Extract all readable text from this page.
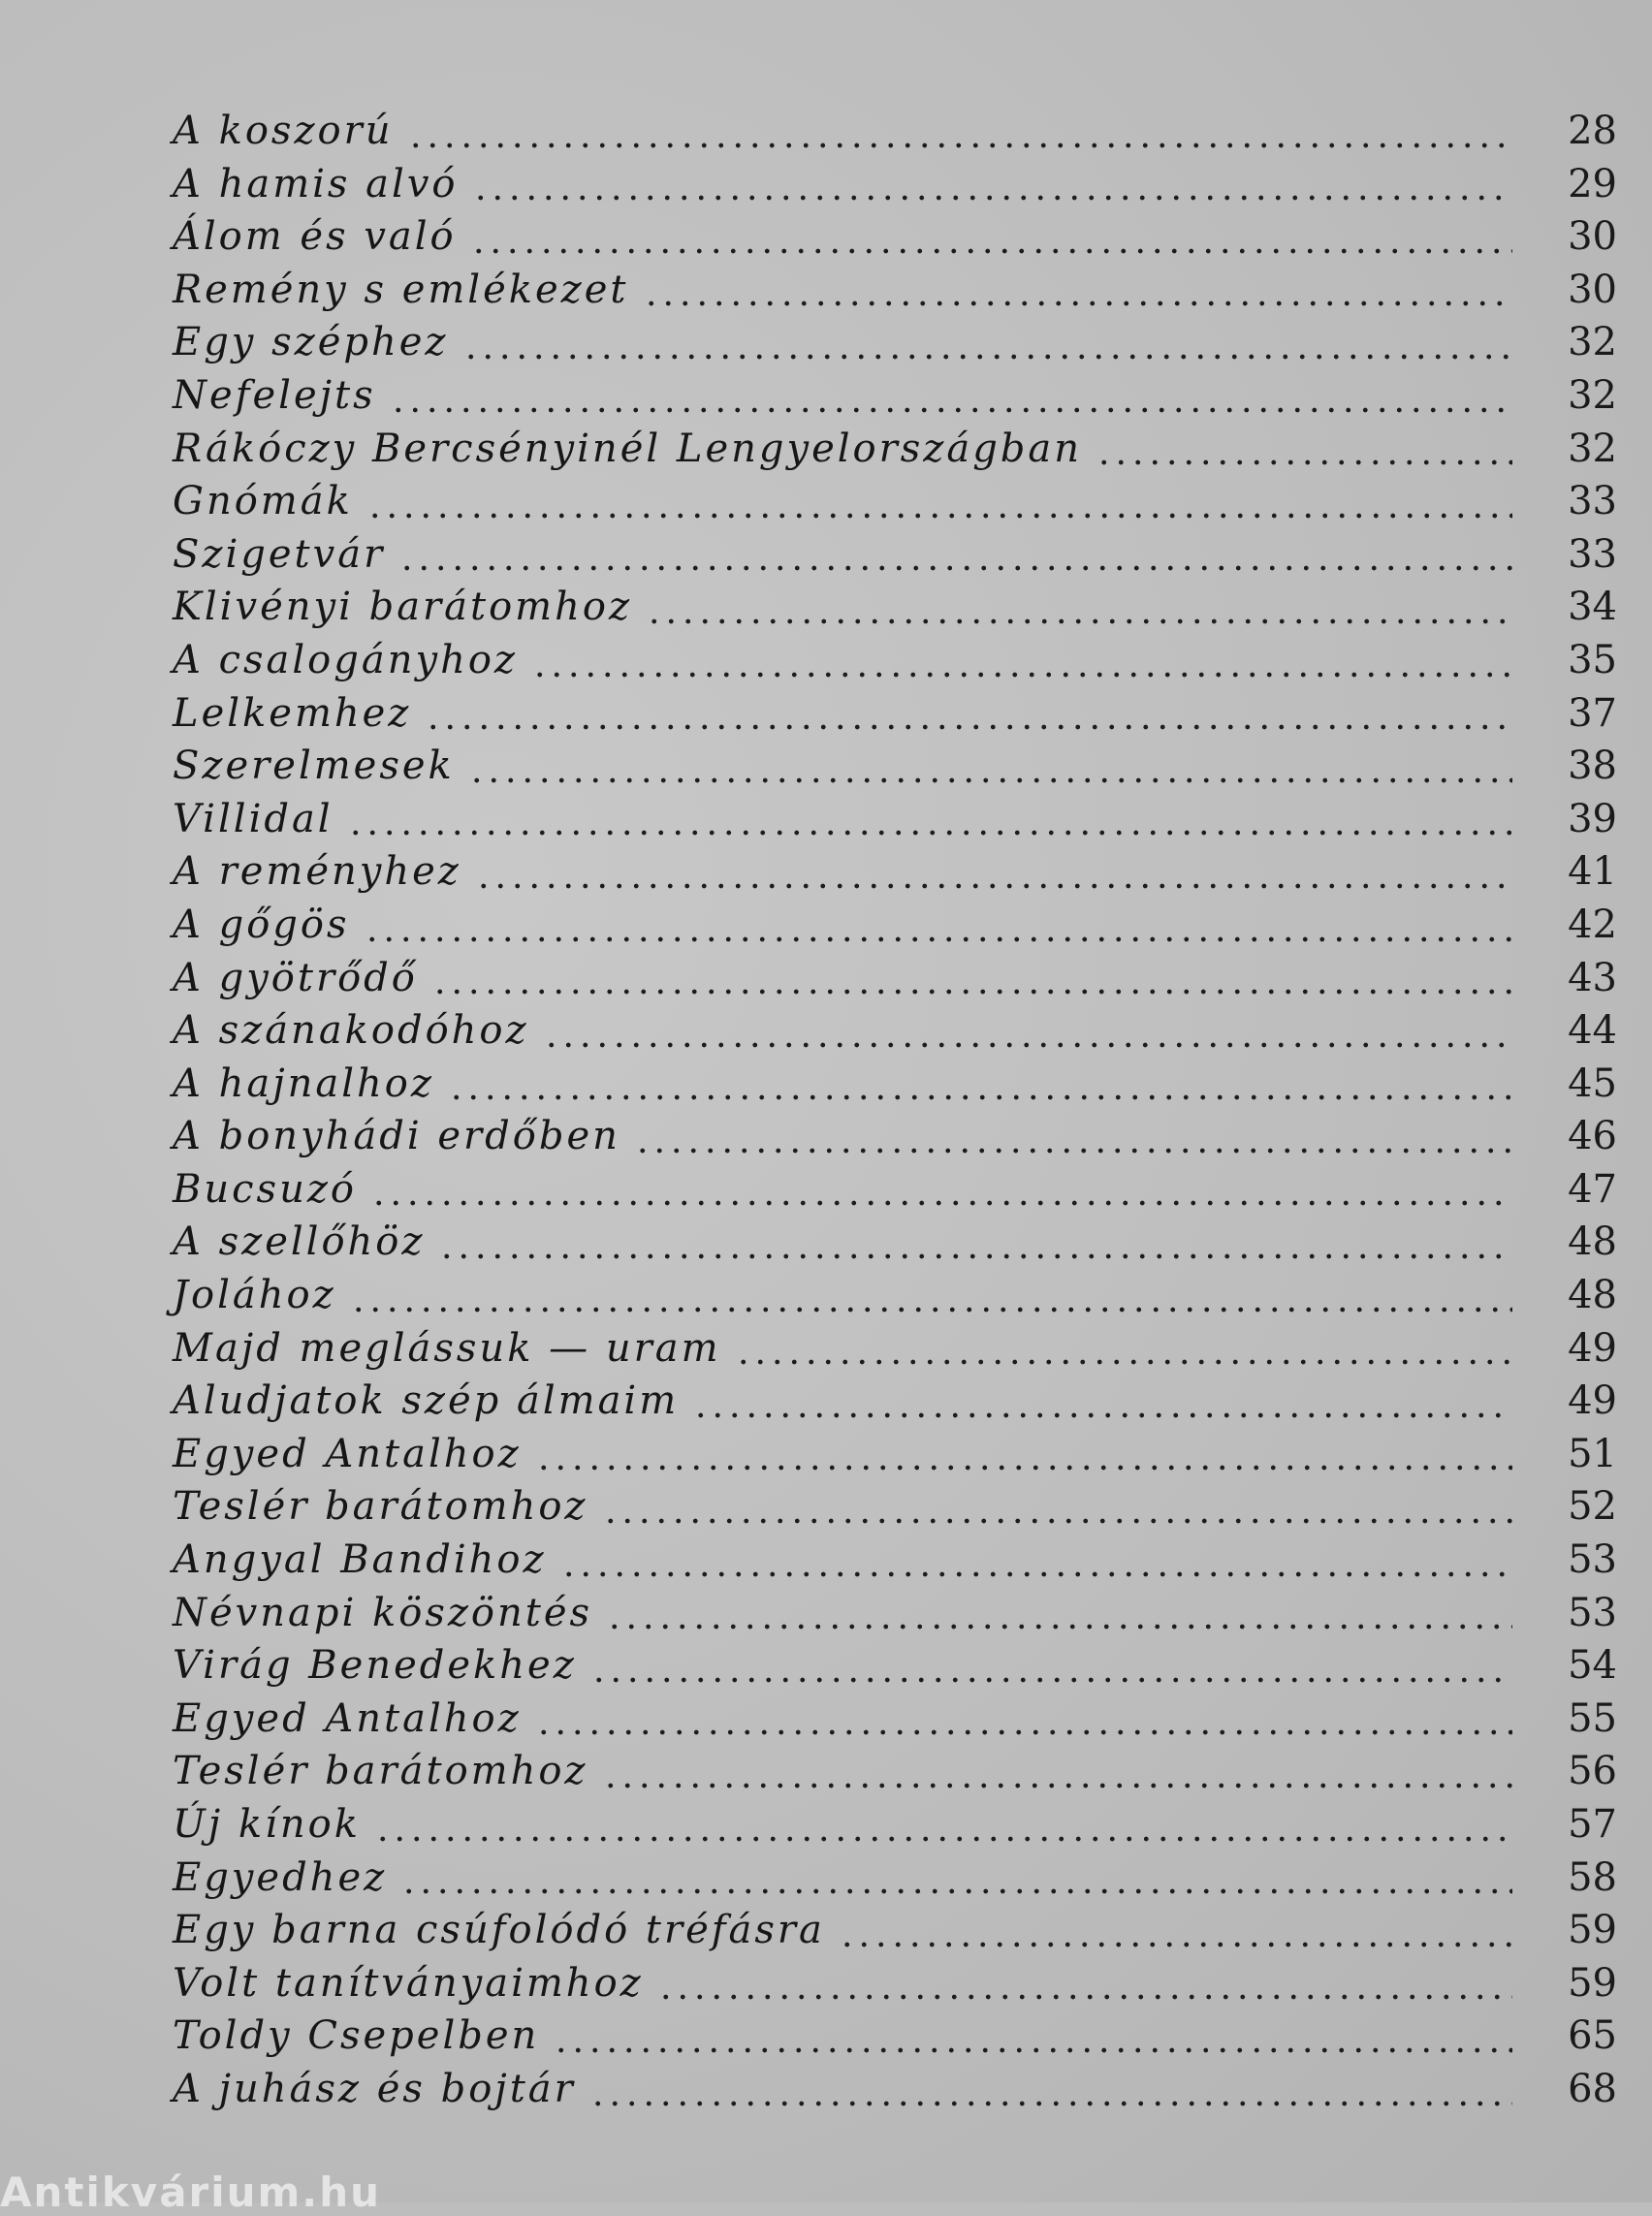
A koszorú	28
A hamis alvó	29
Álom és való	30
Remény s emlékezet	30
Egy széphez	32
Nefelejts	32
Rákóczy Bercsényinél Lengyelországban	32
Gnómák	33
Szigetvár	33
Klivényi barátomhoz	34
A csalogányhoz	35
Lelkemhez	37
Szerelmesek	38
Villidal	39
A reményhez	41
A gőgös	42
A gyötrődő	43
A szánakodóhoz	44
A hajnalhoz	45
A bonyhádi erdőben	46
Bucsuzó	47
A szellőhöz	48
Jolához	48
Majd meglássuk — uram	49
Aludjatok szép álmaim	49
Egyed Antalhoz	51
Teslér barátomhoz	52
Angyal Bandihoz	53
Névnapi köszöntés	53
Virág Benedekhez	54
Egyed Antalhoz	55
Teslér barátomhoz	56
Új kínok	57
Egyedhez	58
Egy barna csúfolódó tréfásra	59
Volt tanítványaimhoz	59
Toldy Csepelben	65
A juhász és bojtár	68
Antikvárium.hu
